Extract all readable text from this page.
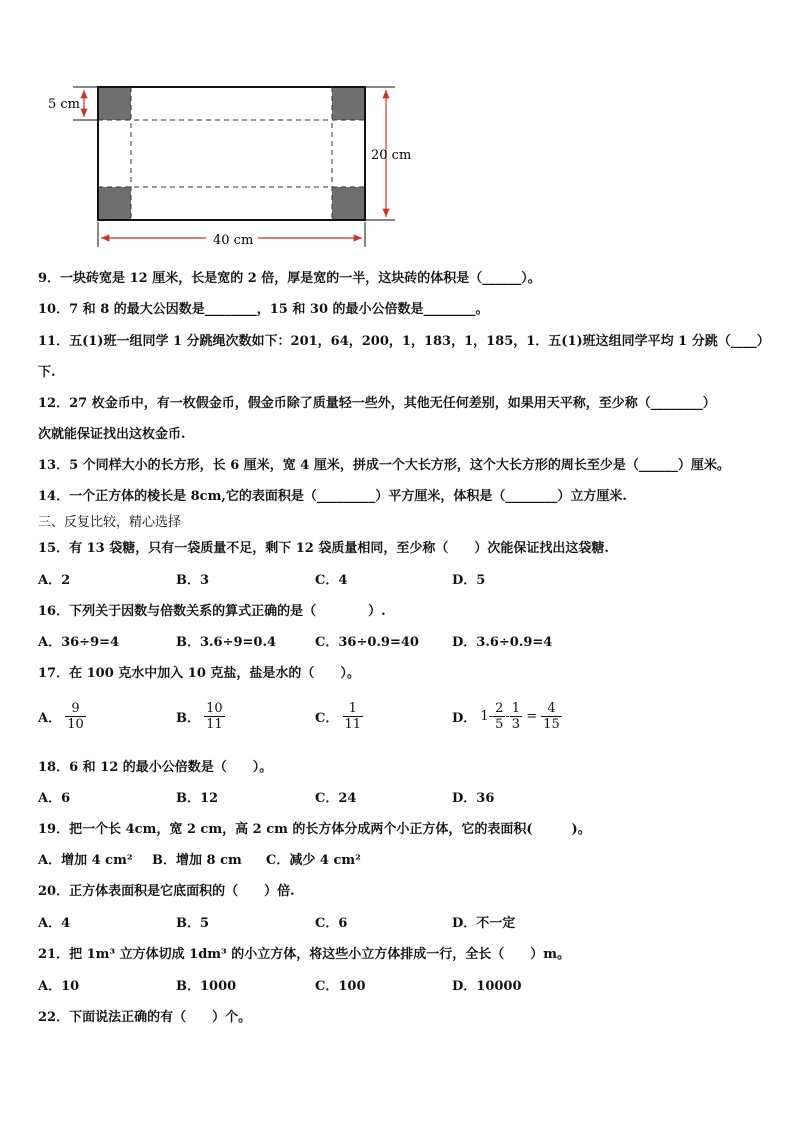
5 cm
20 cm
40 cm
9．一块砖宽是 12 厘米，长是宽的 2 倍，厚是宽的一半，这块砖的体积是（______）。
10．7 和 8 的最大公因数是________，15 和 30 的最小公倍数是________。
11．五(1)班一组同学 1 分跳绳次数如下：201，64，200，1，183，1，185，1．五(1)班这组同学平均 1 分跳（____）
下.
12．27 枚金币中，有一枚假金币，假金币除了质量轻一些外，其他无任何差别，如果用天平称，至少称（________）
次就能保证找出这枚金币.
13．5 个同样大小的长方形，长 6 厘米，宽 4 厘米，拼成一个大长方形，这个大长方形的周长至少是（______）厘米。
14．一个正方体的棱长是 8cm,它的表面积是（_________）平方厘米，体积是（________）立方厘米.
三、反复比较，精心选择
15．有 13 袋糖，只有一袋质量不足，剩下 12 袋质量相同，至少称（　　）次能保证找出这袋糖.
A．2	B．3	C．4	D．5
16．下列关于因数与倍数关系的算式正确的是（　　　　）.
A．36÷9=4	B．3.6÷9=0.4	C．36÷0.9=40	D．3.6÷0.9=4
17．在 100 克水中加入 10 克盐，盐是水的（　　）。
A． $\frac{9}{10}$	B． $\frac{10}{11}$	C． $\frac{1}{11}$	D． $1- \frac{2}{5} - \frac{1}{3} = \frac{4}{15}$
18．6 和 12 的最小公倍数是（　　）。
A．6	B．12	C．24	D．36
19．把一个长 4cm，宽 2 cm，高 2 cm 的长方体分成两个小正方体，它的表面积(　　　)。
A．增加 4 cm² B．增加 8 cm C．减少 4 cm²
20．正方体表面积是它底面积的（　　）倍.
A．4	B．5	C．6	D．不一定
21．把 1m³ 立方体切成 1dm³ 的小立方体，将这些小立方体排成一行，全长（　　）m。
A．10	B．1000	C．100	D．10000
22．下面说法正确的有（　　）个。
